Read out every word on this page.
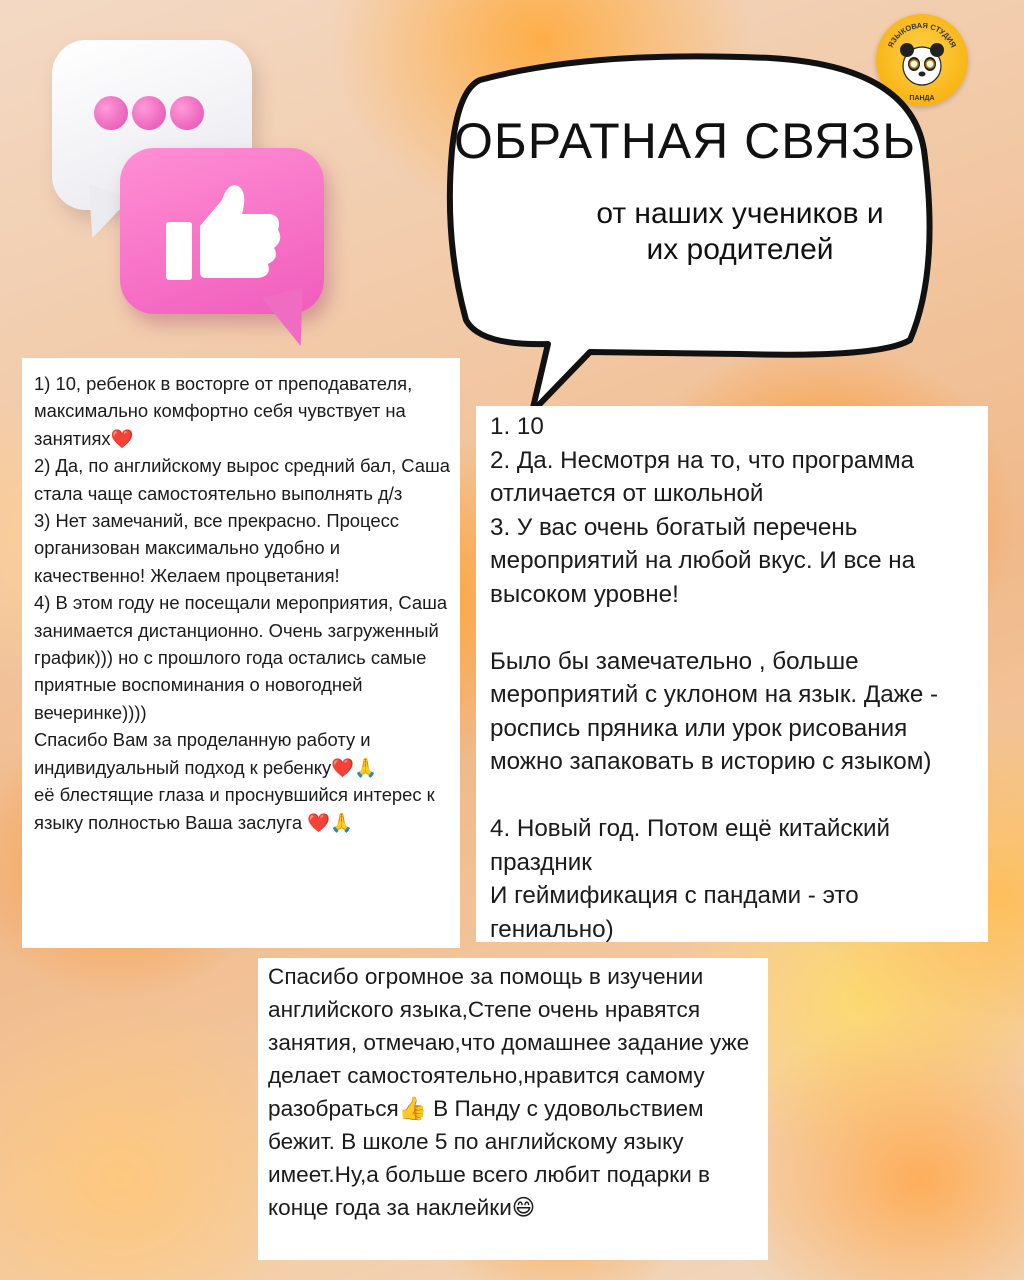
ЯЗЫКОВАЯ СТУДИЯ
ПАНДА
ОБРАТНАЯ СВЯЗЬ
от наших учеников и
их родителей
1) 10, ребенок в восторге от преподавателя, максимально комфортно себя чувствует на занятиях❤️
2) Да, по английскому вырос средний бал, Саша стала чаще самостоятельно выполнять д/з
3) Нет замечаний, все прекрасно. Процесс организован максимально удобно и качественно! Желаем процветания!
4) В этом году не посещали мероприятия, Саша занимается дистанционно. Очень загруженный график))) но с прошлого года остались самые приятные воспоминания о новогодней вечеринке))))
Спасибо Вам за проделанную работу и индивидуальный подход к ребенку❤️🙏
её блестящие глаза и проснувшийся интерес к языку полностью Ваша заслуга ❤️🙏
1. 10
2. Да. Несмотря на то, что программа отличается от школьной
3. У вас очень богатый перечень мероприятий на любой вкус. И все на высоком уровне!

Было бы замечательно , больше мероприятий с уклоном на язык. Даже - роспись пряника или урок рисования можно запаковать в историю с языком)

4. Новый год. Потом ещё китайский праздник
И геймификация с пандами - это гениально)
Спасибо огромное за помощь в изучении английского языка,Степе очень нравятся занятия, отмечаю,что домашнее задание уже делает самостоятельно,нравится самому разобраться👍 В Панду с удовольствием бежит. В школе 5 по английскому языку имеет.Ну,а больше всего любит подарки в конце года за наклейки😄
